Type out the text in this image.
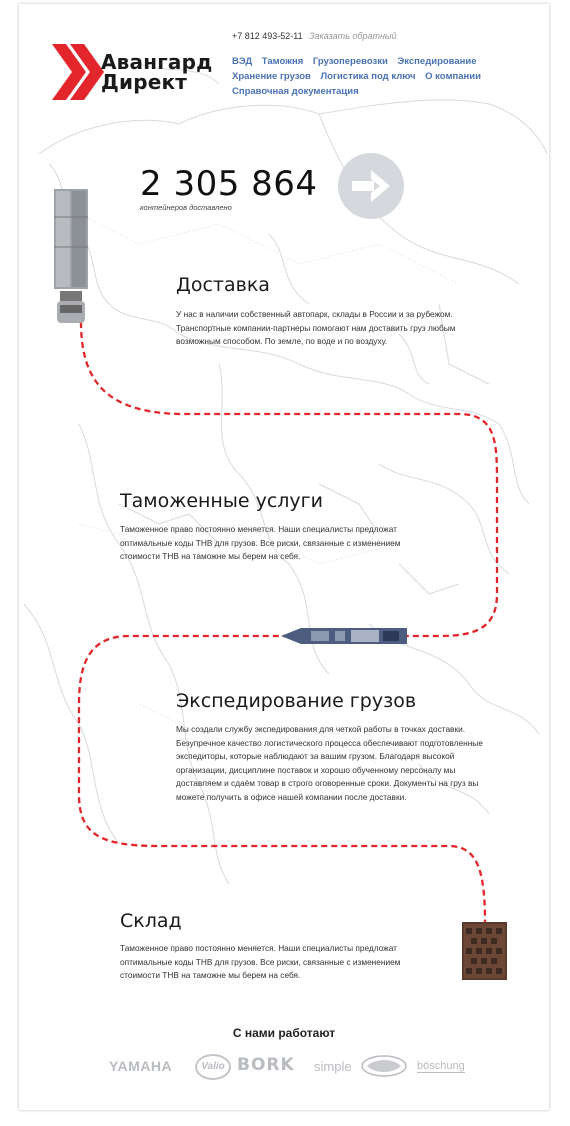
Авангард
Директ
+7 812 493-52-11 Заказать обратный
ВЭД Таможня Грузоперевозки Экспедирование
Хранение грузов Логистика под ключ О компании
Справочная документация
2 305 864
контейнеров доставлено
Доставка
У нас в наличии собственный автопарк, склады в России и за рубежом. Транспортные компании-партнеры помогают нам доставить груз любым возможным способом. По земле, по воде и по воздуху.
Таможенные услуги
Таможенное право постоянно меняется. Наши специалисты предложат оптимальные коды ТНВ для грузов. Все риски, связанные с изменением стоимости ТНВ на таможне мы берем на себя.
Экспедирование грузов
Мы создали службу экспедирования для четкой работы в точках доставки. Безупречное качество логистического процесса обеспечивают подготовленные экспедиторы, которые наблюдают за вашим грузом. Благодаря высокой организации, дисциплине поставок и хорошо обученному персоналу мы доставляем и сдаём товар в строго оговоренные сроки. Документы на груз вы можете получить в офисе нашей компании после доставки.
Склад
Таможенное право постоянно меняется. Наши специалисты предложат оптимальные коды ТНВ для грузов. Все риски, связанные с изменением стоимости ТНВ на таможне мы берем на себя.
С нами работают
YAMAHA	Valio BORK simple	böschung
